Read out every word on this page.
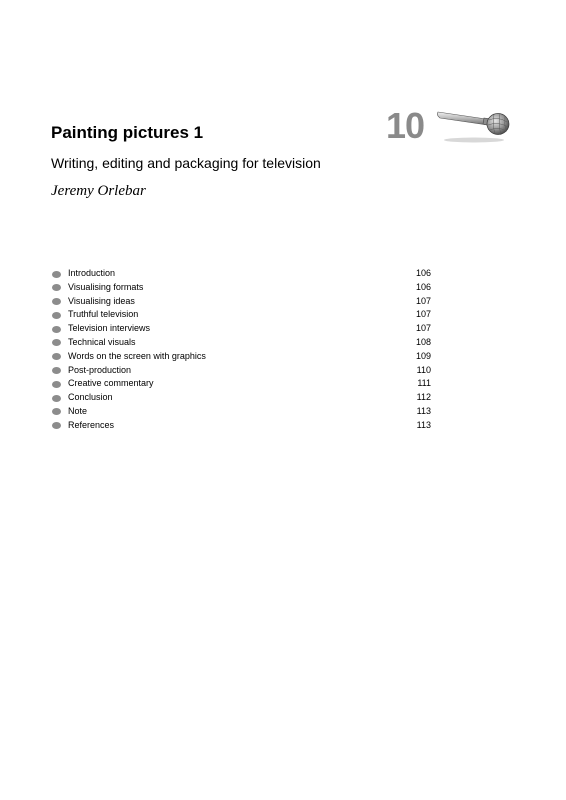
Painting pictures 1	10
Writing, editing and packaging for television

Jeremy Orlebar

Introduction	106
Visualising formats	106
Visualising ideas	107
Truthful television	107
Television interviews	107
Technical visuals	108
Words on the screen with graphics	109
Post-production	110
Creative commentary	111
Conclusion	112
Note	113
References	113
